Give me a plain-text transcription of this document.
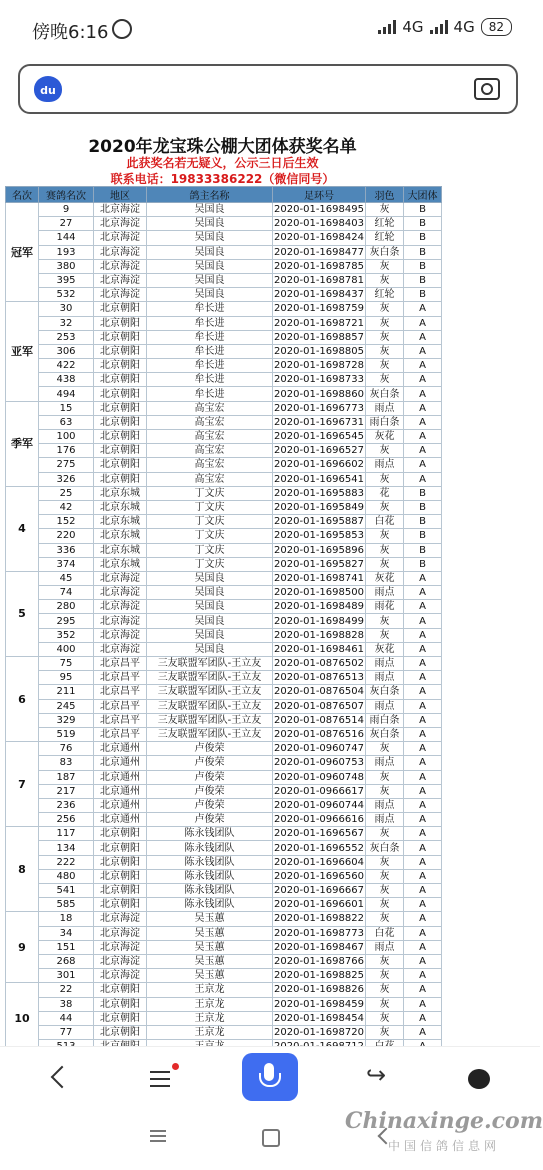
傍晚6:16	4G 4G	82
du
2020年龙宝珠公棚大团体获奖名单
此获奖名若无疑义，公示三日后生效
联系电话：19833386222（微信同号）
名次	赛鸽名次	地区	鸽主名称	足环号	羽色	大团体
冠军	9	北京海淀	吴国良	2020-01-1698495	灰	B
	27	北京海淀	吴国良	2020-01-1698403	红轮	B
	144	北京海淀	吴国良	2020-01-1698424	红轮	B
	193	北京海淀	吴国良	2020-01-1698477	灰白条	B
	380	北京海淀	吴国良	2020-01-1698785	灰	B
	395	北京海淀	吴国良	2020-01-1698781	灰	B
	532	北京海淀	吴国良	2020-01-1698437	红轮	B
亚军	30	北京朝阳	牟长进	2020-01-1698759	灰	A
	32	北京朝阳	牟长进	2020-01-1698721	灰	A
	253	北京朝阳	牟长进	2020-01-1698857	灰	A
	306	北京朝阳	牟长进	2020-01-1698805	灰	A
	422	北京朝阳	牟长进	2020-01-1698728	灰	A
	438	北京朝阳	牟长进	2020-01-1698733	灰	A
	494	北京朝阳	牟长进	2020-01-1698860	灰白条	A
季军	15	北京朝阳	高宝宏	2020-01-1696773	雨点	A
	63	北京朝阳	高宝宏	2020-01-1696731	雨白条	A
	100	北京朝阳	高宝宏	2020-01-1696545	灰花	A
	176	北京朝阳	高宝宏	2020-01-1696527	灰	A
	275	北京朝阳	高宝宏	2020-01-1696602	雨点	A
	326	北京朝阳	高宝宏	2020-01-1696541	灰	A
4	25	北京东城	丁文庆	2020-01-1695883	花	B
	42	北京东城	丁文庆	2020-01-1695849	灰	B
	152	北京东城	丁文庆	2020-01-1695887	白花	B
	220	北京东城	丁文庆	2020-01-1695853	灰	B
	336	北京东城	丁文庆	2020-01-1695896	灰	B
	374	北京东城	丁文庆	2020-01-1695827	灰	B
5	45	北京海淀	吴国良	2020-01-1698741	灰花	A
	74	北京海淀	吴国良	2020-01-1698500	雨点	A
	280	北京海淀	吴国良	2020-01-1698489	雨花	A
	295	北京海淀	吴国良	2020-01-1698499	灰	A
	352	北京海淀	吴国良	2020-01-1698828	灰	A
	400	北京海淀	吴国良	2020-01-1698461	灰花	A
6	75	北京昌平	三友联盟军团队-王立友	2020-01-0876502	雨点	A
	95	北京昌平	三友联盟军团队-王立友	2020-01-0876513	雨点	A
	211	北京昌平	三友联盟军团队-王立友	2020-01-0876504	灰白条	A
	245	北京昌平	三友联盟军团队-王立友	2020-01-0876507	雨点	A
	329	北京昌平	三友联盟军团队-王立友	2020-01-0876514	雨白条	A
	519	北京昌平	三友联盟军团队-王立友	2020-01-0876516	灰白条	A
7	76	北京通州	卢俊荣	2020-01-0960747	灰	A
	83	北京通州	卢俊荣	2020-01-0960753	雨点	A
	187	北京通州	卢俊荣	2020-01-0960748	灰	A
	217	北京通州	卢俊荣	2020-01-0966617	灰	A
	236	北京通州	卢俊荣	2020-01-0960744	雨点	A
	256	北京通州	卢俊荣	2020-01-0966616	雨点	A
8	117	北京朝阳	陈永钱团队	2020-01-1696567	灰	A
	134	北京朝阳	陈永钱团队	2020-01-1696552	灰白条	A
	222	北京朝阳	陈永钱团队	2020-01-1696604	灰	A
	480	北京朝阳	陈永钱团队	2020-01-1696560	灰	A
	541	北京朝阳	陈永钱团队	2020-01-1696667	灰	A
	585	北京朝阳	陈永钱团队	2020-01-1696601	灰	A
9	18	北京海淀	吴玉蕙	2020-01-1698822	灰	A
	34	北京海淀	吴玉蕙	2020-01-1698773	白花	A
	151	北京海淀	吴玉蕙	2020-01-1698467	雨点	A
	268	北京海淀	吴玉蕙	2020-01-1698766	灰	A
	301	北京海淀	吴玉蕙	2020-01-1698825	灰	A
10	22	北京朝阳	王京龙	2020-01-1698826	灰	A
	38	北京朝阳	王京龙	2020-01-1698459	灰	A
	44	北京朝阳	王京龙	2020-01-1698454	灰	A
	77	北京朝阳	王京龙	2020-01-1698720	灰	A

↪
Chinaxinge.com
中国信鸽信息网
